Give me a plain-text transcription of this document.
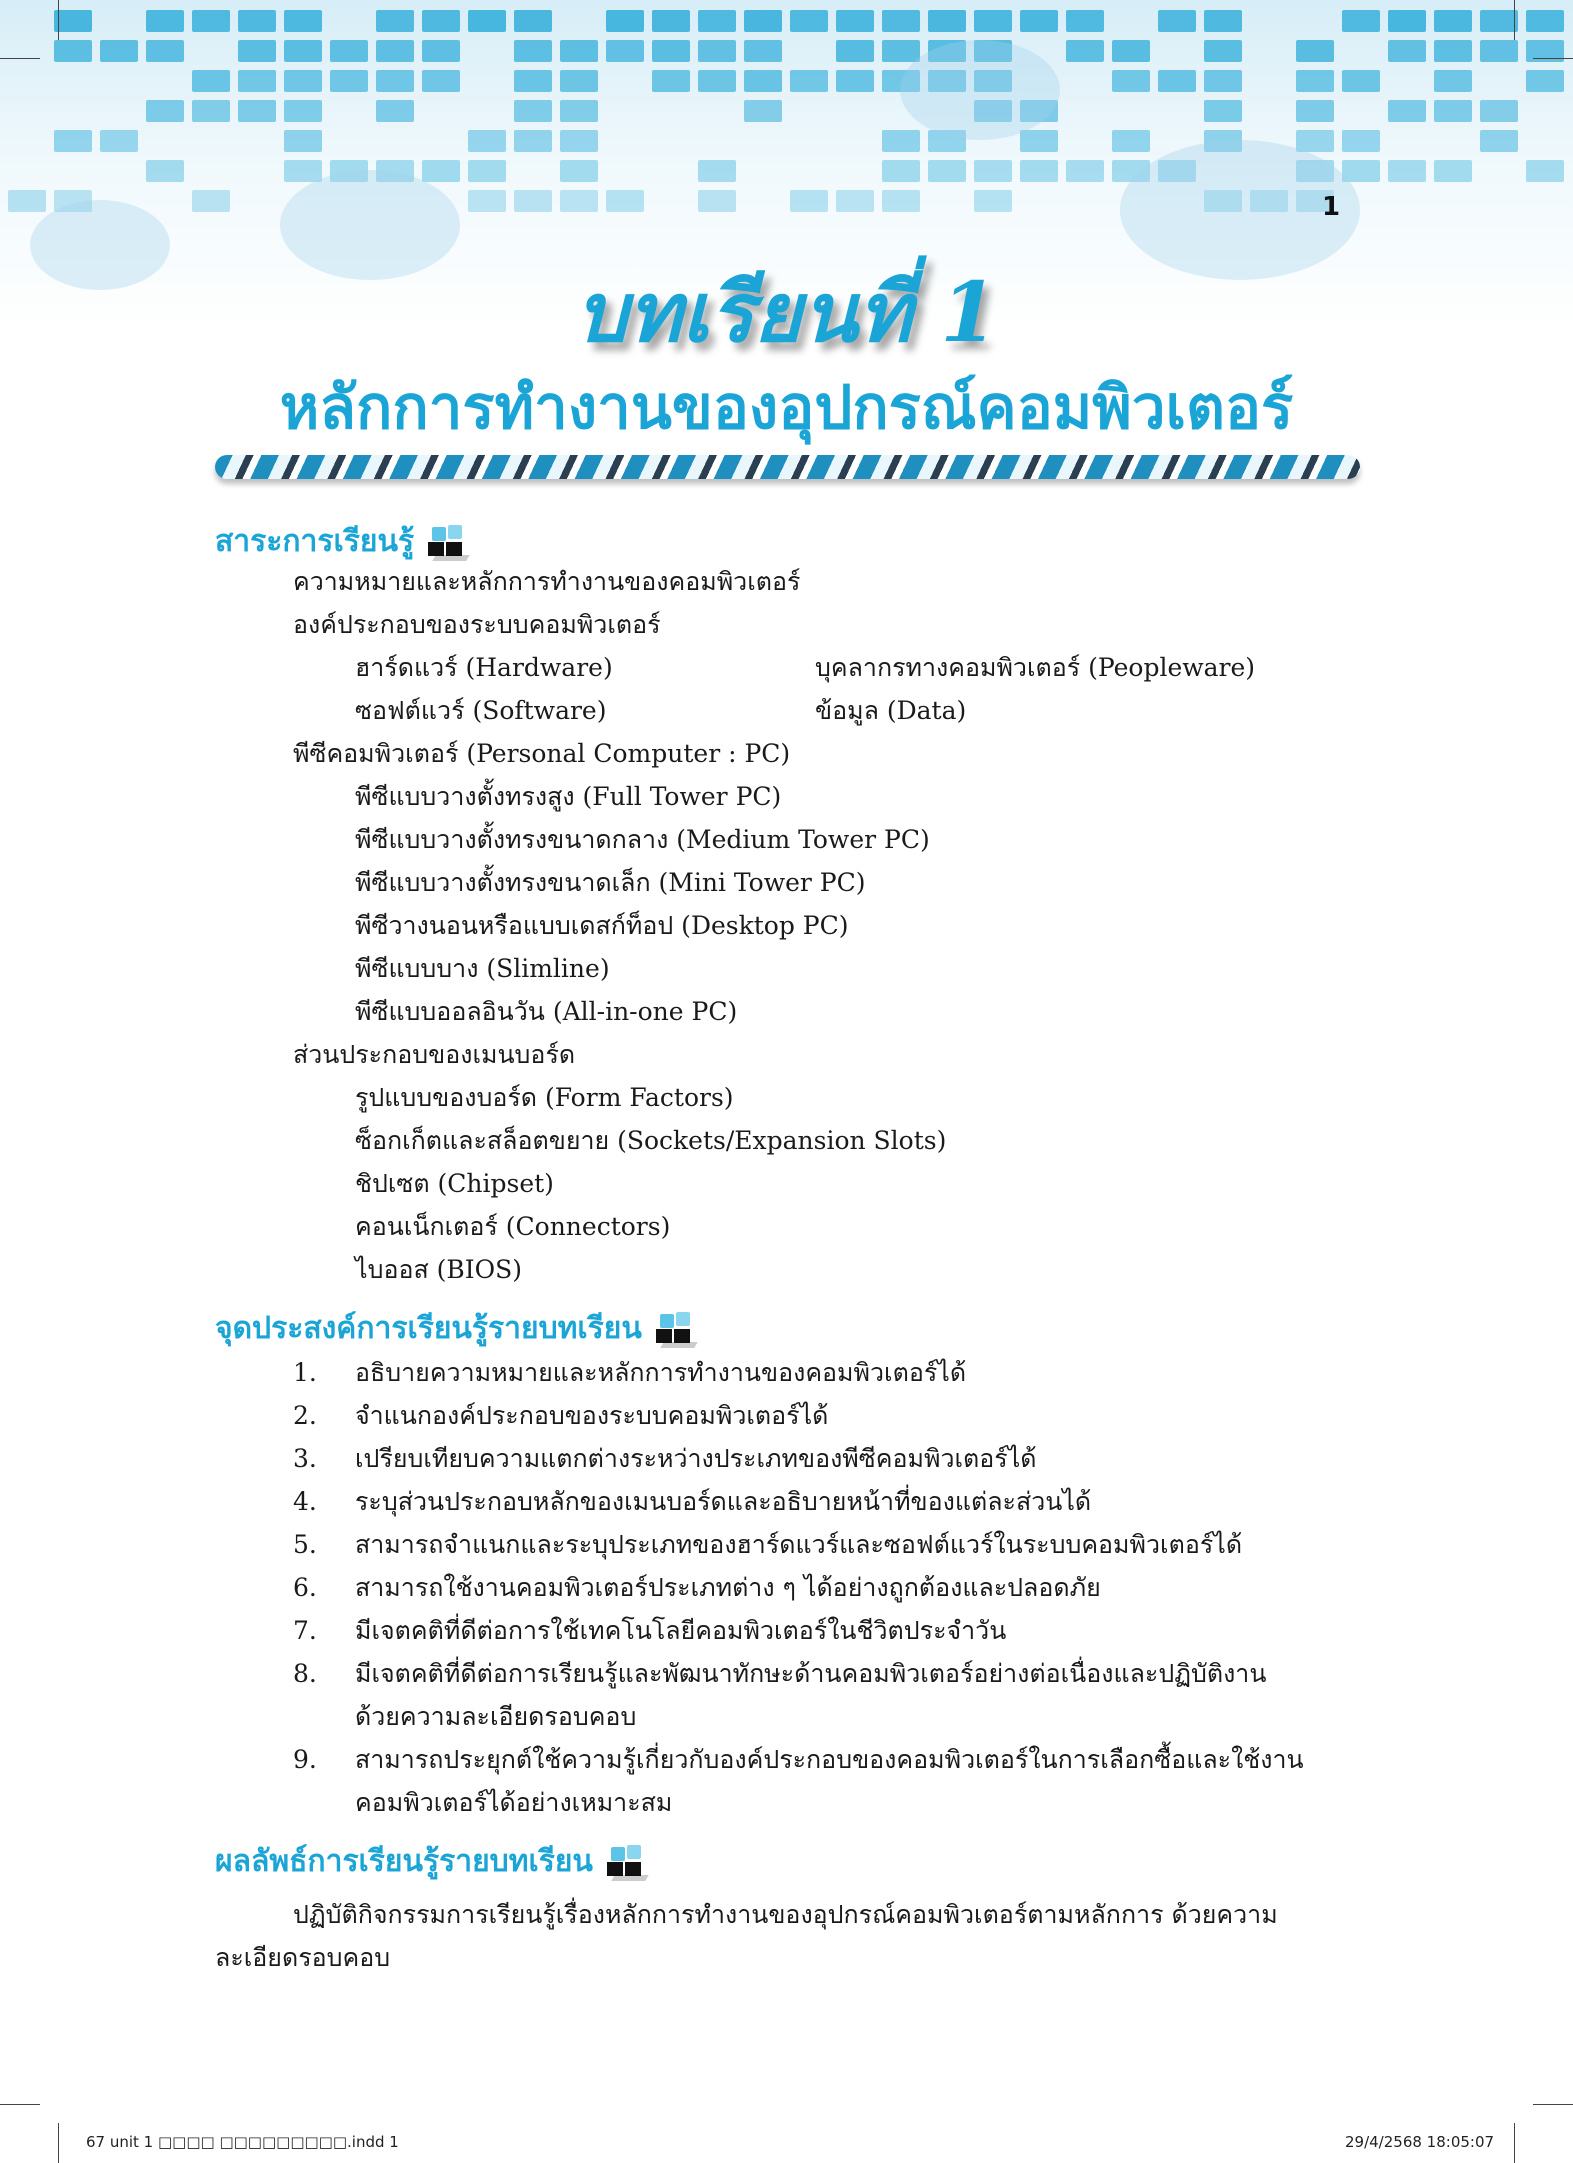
1
บทเรียนที่ 1
หลักการทำงานของอุปกรณ์คอมพิวเตอร์
สาระการเรียนรู้
ความหมายและหลักการทำงานของคอมพิวเตอร์
องค์ประกอบของระบบคอมพิวเตอร์
ฮาร์ดแวร์ (Hardware)	บุคลากรทางคอมพิวเตอร์ (Peopleware)
ซอฟต์แวร์ (Software)	ข้อมูล (Data)
พีซีคอมพิวเตอร์ (Personal Computer : PC)
พีซีแบบวางตั้งทรงสูง (Full Tower PC)
พีซีแบบวางตั้งทรงขนาดกลาง (Medium Tower PC)
พีซีแบบวางตั้งทรงขนาดเล็ก (Mini Tower PC)
พีซีวางนอนหรือแบบเดสก์ท็อป (Desktop PC)
พีซีแบบบาง (Slimline)
พีซีแบบออลอินวัน (All-in-one PC)
ส่วนประกอบของเมนบอร์ด
รูปแบบของบอร์ด (Form Factors)
ซ็อกเก็ตและสล็อตขยาย (Sockets/Expansion Slots)
ชิปเซต (Chipset)
คอนเน็กเตอร์ (Connectors)
ไบออส (BIOS)
จุดประสงค์การเรียนรู้รายบทเรียน
1. อธิบายความหมายและหลักการทำงานของคอมพิวเตอร์ได้
2. จำแนกองค์ประกอบของระบบคอมพิวเตอร์ได้
3. เปรียบเทียบความแตกต่างระหว่างประเภทของพีซีคอมพิวเตอร์ได้
4. ระบุส่วนประกอบหลักของเมนบอร์ดและอธิบายหน้าที่ของแต่ละส่วนได้
5. สามารถจำแนกและระบุประเภทของฮาร์ดแวร์และซอฟต์แวร์ในระบบคอมพิวเตอร์ได้
6. สามารถใช้งานคอมพิวเตอร์ประเภทต่าง ๆ ได้อย่างถูกต้องและปลอดภัย
7. มีเจตคติที่ดีต่อการใช้เทคโนโลยีคอมพิวเตอร์ในชีวิตประจำวัน
8. มีเจตคติที่ดีต่อการเรียนรู้และพัฒนาทักษะด้านคอมพิวเตอร์อย่างต่อเนื่องและปฏิบัติงาน
ด้วยความละเอียดรอบคอบ
9. สามารถประยุกต์ใช้ความรู้เกี่ยวกับองค์ประกอบของคอมพิวเตอร์ในการเลือกซื้อและใช้งาน
คอมพิวเตอร์ได้อย่างเหมาะสม
ผลลัพธ์การเรียนรู้รายบทเรียน
ปฏิบัติกิจกรรมการเรียนรู้เรื่องหลักการทำงานของอุปกรณ์คอมพิวเตอร์ตามหลักการ ด้วยความละเอียดรอบคอบ
67 unit 1 □□□□ □□□□□□□□□.indd 1	29/4/2568 18:05:07
